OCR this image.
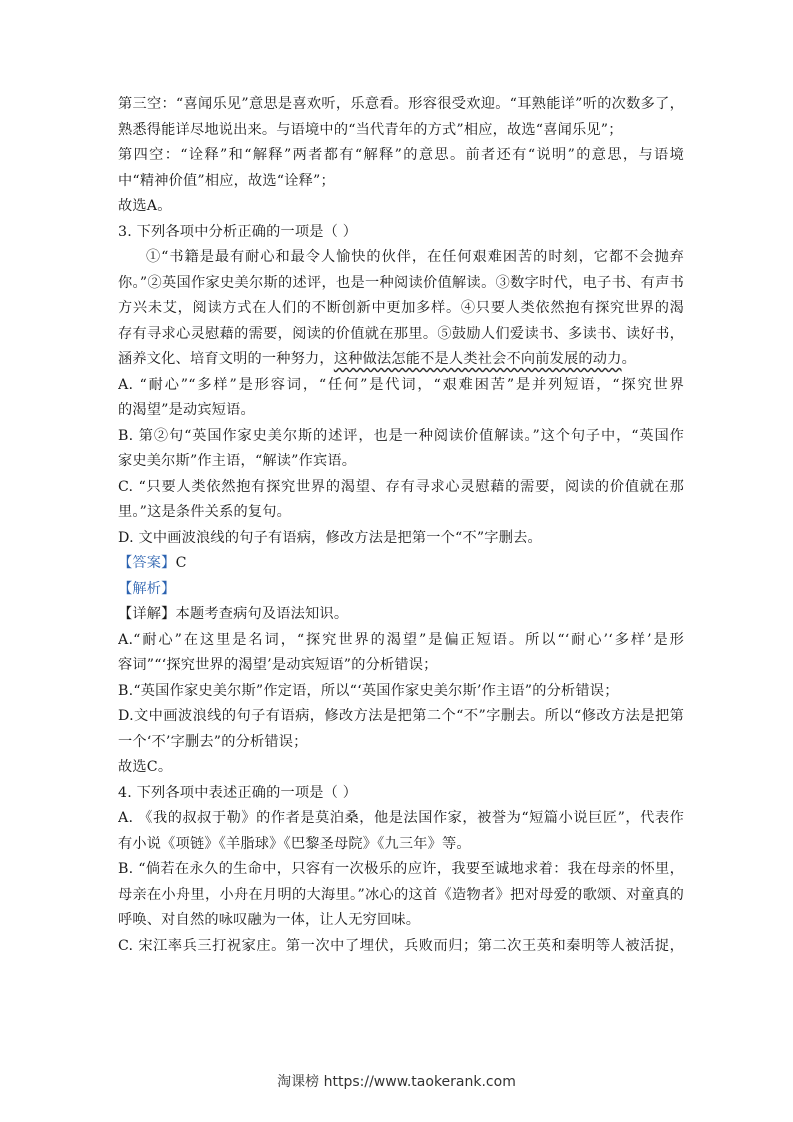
第三空：“喜闻乐见”意思是喜欢听，乐意看。形容很受欢迎。“耳熟能详”听的次数多了，
熟悉得能详尽地说出来。与语境中的“当代青年的方式”相应，故选“喜闻乐见”；
第四空：“诠释”和“解释”两者都有“解释”的意思。前者还有“说明”的意思，与语境
中“精神价值”相应，故选“诠释”；
故选A。
3. 下列各项中分析正确的一项是（ ）
①“书籍是最有耐心和最令人愉快的伙伴，在任何艰难困苦的时刻，它都不会抛弃
你。”②英国作家史美尔斯的述评，也是一种阅读价值解读。③数字时代，电子书、有声书
方兴未艾，阅读方式在人们的不断创新中更加多样。④只要人类依然抱有探究世界的渴
存有寻求心灵慰藉的需要，阅读的价值就在那里。⑤鼓励人们爱读书、多读书、读好书，
涵养文化、培育文明的一种努力，这种做法怎能不是人类社会不向前发展的动力。
A. “耐心”“多样”是形容词，“任何”是代词，“艰难困苦”是并列短语，“探究世界
的渴望”是动宾短语。
B. 第②句“英国作家史美尔斯的述评，也是一种阅读价值解读。”这个句子中，“英国作
家史美尔斯”作主语，“解读”作宾语。
C. “只要人类依然抱有探究世界的渴望、存有寻求心灵慰藉的需要，阅读的价值就在那
里。”这是条件关系的复句。
D. 文中画波浪线的句子有语病，修改方法是把第一个“不”字删去。
【答案】C
【解析】
【详解】本题考查病句及语法知识。
A.“耐心”在这里是名词，“探究世界的渴望”是偏正短语。所以“‘耐心’‘多样’是形
容词”“‘探究世界的渴望’是动宾短语”的分析错误；
B.“英国作家史美尔斯”作定语，所以“‘英国作家史美尔斯’作主语”的分析错误；
D.文中画波浪线的句子有语病，修改方法是把第二个“不”字删去。所以“修改方法是把第
一个‘不’字删去”的分析错误；
故选C。
4. 下列各项中表述正确的一项是（ ）
A. 《我的叔叔于勒》的作者是莫泊桑，他是法国作家，被誉为“短篇小说巨匠”，代表作
有小说《项链》《羊脂球》《巴黎圣母院》《九三年》等。
B. “倘若在永久的生命中，只容有一次极乐的应许，我要至诚地求着：我在母亲的怀里，
母亲在小舟里，小舟在月明的大海里。”冰心的这首《造物者》把对母爱的歌颂、对童真的
呼唤、对自然的咏叹融为一体，让人无穷回味。
C. 宋江率兵三打祝家庄。第一次中了埋伏，兵败而归；第二次王英和秦明等人被活捉，
淘课榜 https://www.taokerank.com
